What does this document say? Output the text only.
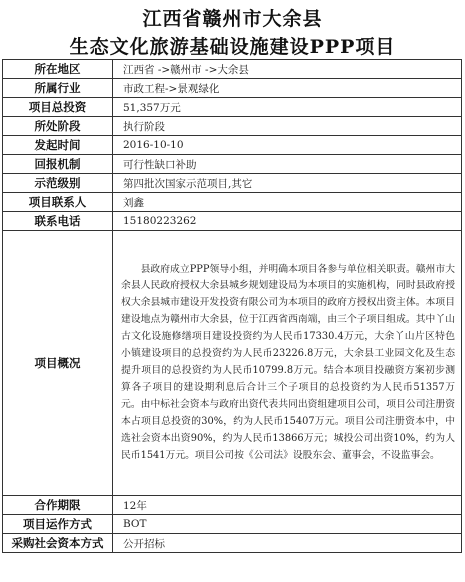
江西省赣州市大余县
生态文化旅游基础设施建设PPP项目
所在地区	江西省 ->赣州市 ->大余县
所属行业	市政工程->景观绿化
项目总投资	51,357万元
所处阶段	执行阶段
发起时间	2016-10-10
回报机制	可行性缺口补助
示范级别	第四批次国家示范项目,其它
项目联系人	刘鑫
联系电话	15180223262
项目概况	县政府成立PPP领导小组，并明确本项目各参与单位相关职责。赣州市大余县人民政府授权大余县城乡规划建设局为本项目的实施机构，同时县政府授权大余县城市建设开发投资有限公司为本项目的政府方授权出资主体。本项目建设地点为赣州市大余县，位于江西省西南端，由三个子项目组成。其中丫山古文化设施修缮项目建设投资约为人民币17330.4万元，大余丫山片区特色小镇建设项目的总投资约为人民币23226.8万元，大余县工业园文化及生态提升项目的总投资约为人民币10799.8万元。结合本项目投融资方案初步测算各子项目的建设期利息后合计三个子项目的总投资约为人民币51357万元。由中标社会资本与政府出资代表共同出资组建项目公司，项目公司注册资本占项目总投资的30%，约为人民币15407万元。项目公司注册资本中，中选社会资本出资90%，约为人民币13866万元；城投公司出资10%，约为人民币1541万元。项目公司按《公司法》设股东会、董事会，不设监事会。
合作期限	12年
项目运作方式	BOT
采购社会资本方式	公开招标
